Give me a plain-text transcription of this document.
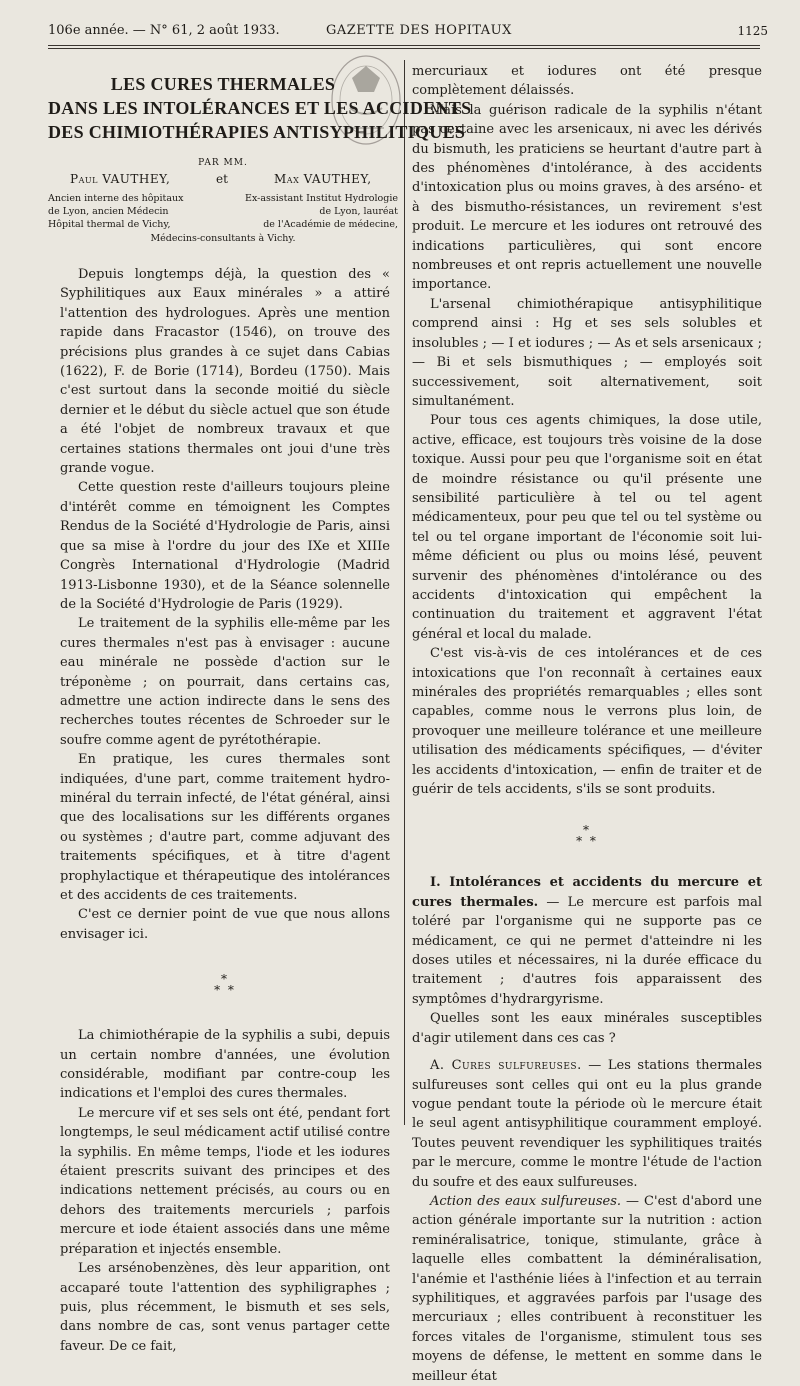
106e année. — N° 61, 2 août 1933.	GAZETTE DES HOPITAUX	1125
LES CURES THERMALES
DANS LES INTOLÉRANCES ET LES ACCIDENTS
DES CHIMIOTHÉRAPIES ANTISYPHILITIQUES
PAR MM.
Paul VAUTHEY,	et	Max VAUTHEY,
Ancien interne des hôpitaux
de Lyon, ancien Médecin
Hôpital thermal de Vichy,
Ex-assistant Institut Hydrologie
de Lyon, lauréat
de l'Académie de médecine,
Médecins-consultants à Vichy.

Depuis longtemps déjà, la question des « Syphilitiques aux Eaux minérales » a attiré l'attention des hydrologues. Après une mention rapide dans Fracastor (1546), on trouve des précisions plus grandes à ce sujet dans Cabias (1622), F. de Borie (1714), Bordeu (1750). Mais c'est surtout dans la seconde moitié du siècle dernier et le début du siècle actuel que son étude a été l'objet de nombreux travaux et que certaines stations thermales ont joui d'une très grande vogue.

Cette question reste d'ailleurs toujours pleine d'intérêt comme en témoignent les Comptes Rendus de la Société d'Hydrologie de Paris, ainsi que sa mise à l'ordre du jour des IXe et XIIIe Congrès International d'Hydrologie (Madrid 1913-Lisbonne 1930), et de la Séance solennelle de la Société d'Hydrologie de Paris (1929).

Le traitement de la syphilis elle-même par les cures thermales n'est pas à envisager : aucune eau minérale ne possède d'action sur le tréponème ; on pourrait, dans certains cas, admettre une action indirecte dans le sens des recherches toutes récentes de Schroeder sur le soufre comme agent de pyrétothérapie.

En pratique, les cures thermales sont indiquées, d'une part, comme traitement hydro-minéral du terrain infecté, de l'état général, ainsi que des localisations sur les différents organes ou systèmes ; d'autre part, comme adjuvant des traitements spécifiques, et à titre d'agent prophylactique et thérapeutique des intolérances et des accidents de ces traitements.

C'est ce dernier point de vue que nous allons envisager ici.

*
* *

La chimiothérapie de la syphilis a subi, depuis un certain nombre d'années, une évolution considérable, modifiant par contre-coup les indications et l'emploi des cures thermales.

Le mercure vif et ses sels ont été, pendant fort longtemps, le seul médicament actif utilisé contre la syphilis. En même temps, l'iode et les iodures étaient prescrits suivant des principes et des indications nettement précisés, au cours ou en dehors des traitements mercuriels ; parfois mercure et iode étaient associés dans une même préparation et injectés ensemble.

Les arsénobenzènes, dès leur apparition, ont accaparé toute l'attention des syphiligraphes ; puis, plus récemment, le bismuth et ses sels, dans nombre de cas, sont venus partager cette faveur. De ce fait,

mercuriaux et iodures ont été presque complètement délaissés.

Mais la guérison radicale de la syphilis n'étant pas certaine avec les arsenicaux, ni avec les dérivés du bismuth, les praticiens se heurtant d'autre part à des phénomènes d'intolérance, à des accidents d'intoxication plus ou moins graves, à des arséno- et à des bismutho-résistances, un revirement s'est produit. Le mercure et les iodures ont retrouvé des indications particulières, qui sont encore nombreuses et ont repris actuellement une nouvelle importance.

L'arsenal chimiothérapique antisyphilitique comprend ainsi : Hg et ses sels solubles et insolubles ; — I et iodures ; — As et sels arsenicaux ; — Bi et sels bismuthiques ; — employés soit successivement, soit alternativement, soit simultanément.

Pour tous ces agents chimiques, la dose utile, active, efficace, est toujours très voisine de la dose toxique. Aussi pour peu que l'organisme soit en état de moindre résistance ou qu'il présente une sensibilité particulière à tel ou tel agent médicamenteux, pour peu que tel ou tel système ou tel ou tel organe important de l'économie soit lui-même déficient ou plus ou moins lésé, peuvent survenir des phénomènes d'intolérance ou des accidents d'intoxication qui empêchent la continuation du traitement et aggravent l'état général et local du malade.

C'est vis-à-vis de ces intolérances et de ces intoxications que l'on reconnaît à certaines eaux minérales des propriétés remarquables ; elles sont capables, comme nous le verrons plus loin, de provoquer une meilleure tolérance et une meilleure utilisation des médicaments spécifiques, — d'éviter les accidents d'intoxication, — enfin de traiter et de guérir de tels accidents, s'ils se sont produits.

*
* *

I. Intolérances et accidents du mercure et cures thermales. — Le mercure est parfois mal toléré par l'organisme qui ne supporte pas ce médicament, ce qui ne permet d'atteindre ni les doses utiles et nécessaires, ni la durée efficace du traitement ; d'autres fois apparaissent des symptômes d'hydrargyrisme.

Quelles sont les eaux minérales susceptibles d'agir utilement dans ces cas ?

A. Cures sulfureuses. — Les stations thermales sulfureuses sont celles qui ont eu la plus grande vogue pendant toute la période où le mercure était le seul agent antisyphilitique couramment employé. Toutes peuvent revendiquer les syphilitiques traités par le mercure, comme le montre l'étude de l'action du soufre et des eaux sulfureuses.

Action des eaux sulfureuses. — C'est d'abord une action générale importante sur la nutrition : action reminéralisatrice, tonique, stimulante, grâce à laquelle elles combattent la déminéralisation, l'anémie et l'asthénie liées à l'infection et au terrain syphilitiques, et aggravées parfois par l'usage des mercuriaux ; elles contribuent à reconstituer les forces vitales de l'organisme, stimulent tous ses moyens de défense, le mettent en somme dans le meilleur état
